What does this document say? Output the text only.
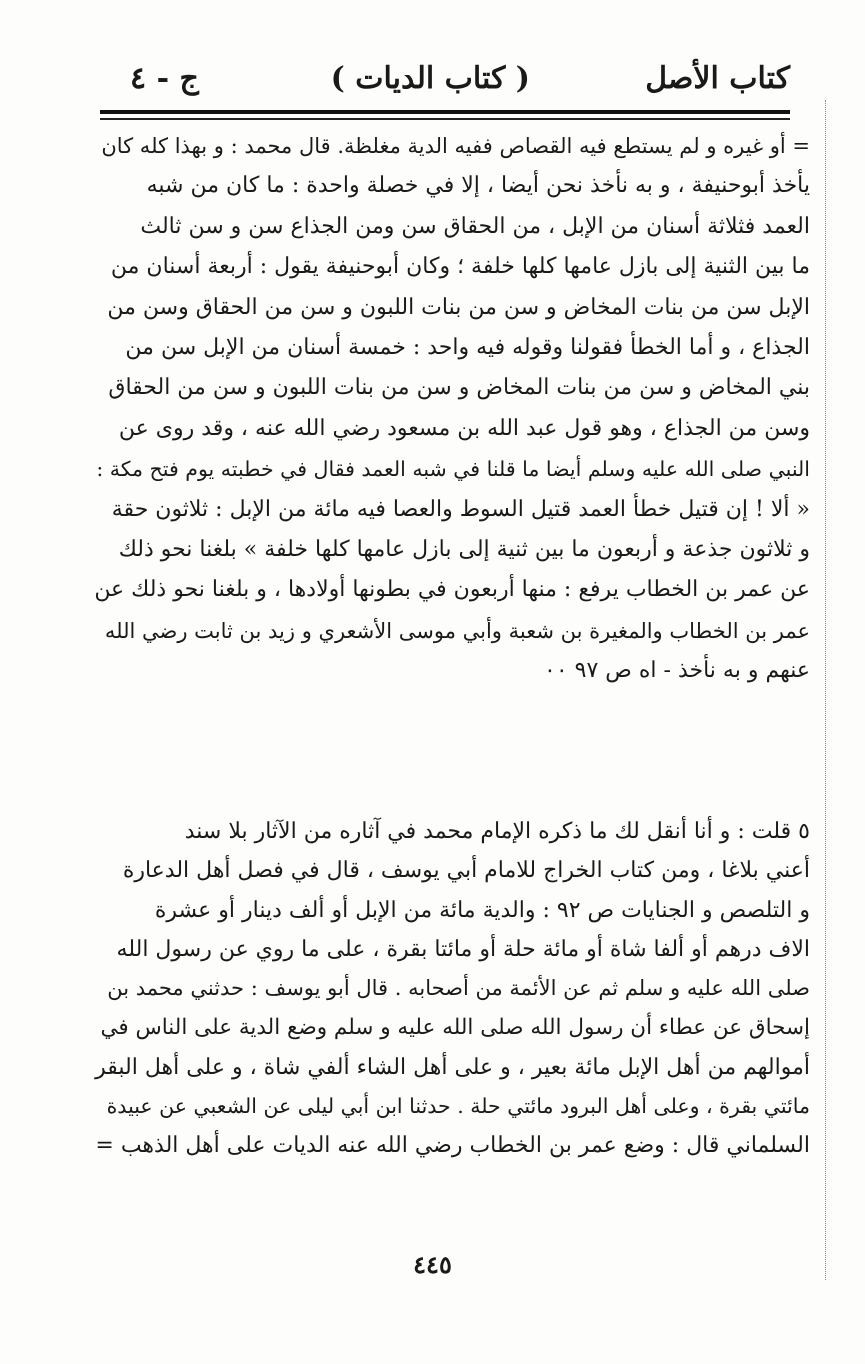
كتاب الأصل
( كتاب الديات )
ج - ٤
= أو غيره و لم يستطع فيه القصاص ففيه الدية مغلظة. قال محمد : و بهذا كله كان
يأخذ أبوحنيفة ، و به نأخذ نحن أيضا ، إلا في خصلة واحدة : ما كان من شبه
العمد فثلاثة أسنان من الإبل ، من الحقاق سن ومن الجذاع سن و سن ثالث
ما بين الثنية إلى بازل عامها كلها خلفة ؛ وكان أبوحنيفة يقول : أربعة أسنان من
الإبل سن من بنات المخاض و سن من بنات اللبون و سن من الحقاق وسن من
الجذاع ، و أما الخطأ فقولنا وقوله فيه واحد : خمسة أسنان من الإبل سن من
بني المخاض و سن من بنات المخاض و سن من بنات اللبون و سن من الحقاق
وسن من الجذاع ، وهو قول عبد الله بن مسعود رضي الله عنه ، وقد روى عن
النبي صلى الله عليه وسلم أيضا ما قلنا في شبه العمد فقال في خطبته يوم فتح مكة :
« ألا ! إن قتيل خطأ العمد قتيل السوط والعصا فيه مائة من الإبل : ثلاثون حقة
و ثلاثون جذعة و أربعون ما بين ثنية إلى بازل عامها كلها خلفة » بلغنا نحو ذلك
عن عمر بن الخطاب يرفع : منها أربعون في بطونها أولادها ، و بلغنا نحو ذلك عن
عمر بن الخطاب والمغيرة بن شعبة وأبي موسى الأشعري و زيد بن ثابت رضي الله
عنهم و به نأخذ - اه ص ٩٧ ٠٠
٥ قلت : و أنا أنقل لك ما ذكره الإمام محمد في آثاره من الآثار بلا سند
أعني بلاغا ، ومن كتاب الخراج للامام أبي يوسف ، قال في فصل أهل الدعارة
و التلصص و الجنايات ص ٩٢ : والدية مائة من الإبل أو ألف دينار أو عشرة
الاف درهم أو ألفا شاة أو مائة حلة أو مائتا بقرة ، على ما روي عن رسول الله
صلى الله عليه و سلم ثم عن الأئمة من أصحابه . قال أبو يوسف : حدثني محمد بن
إسحاق عن عطاء أن رسول الله صلى الله عليه و سلم وضع الدية على الناس في
أموالهم من أهل الإبل مائة بعير ، و على أهل الشاء ألفي شاة ، و على أهل البقر
مائتي بقرة ، وعلى أهل البرود مائتي حلة . حدثنا ابن أبي ليلى عن الشعبي عن عبيدة
السلماني قال : وضع عمر بن الخطاب رضي الله عنه الديات على أهل الذهب =
٤٤٥
